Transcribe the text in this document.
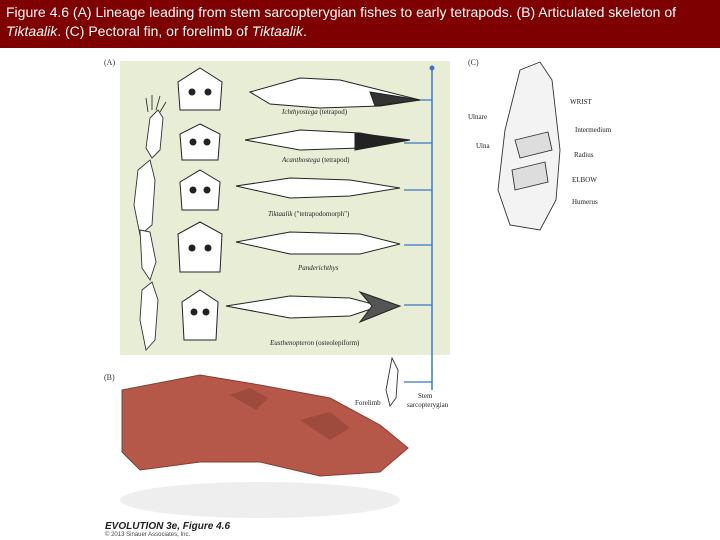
Figure 4.6 (A) Lineage leading from stem sarcopterygian fishes to early tetrapods. (B) Articulated skeleton of Tiktaalik. (C) Pectoral fin, or forelimb of Tiktaalik.
(A)
(B)
(C)
Ichthyostega (tetrapod)
Acanthostega (tetrapod)
Tiktaalik ("tetrapodomorph")
Panderichthys
Eusthenopteron (osteolepiform)
Forelimb
Stem
sarcopterygian
WRIST
Ulnare
Intermedium
Ulna
Radius
ELBOW
Humerus
EVOLUTION 3e, Figure 4.6
© 2013 Sinauer Associates, Inc.
